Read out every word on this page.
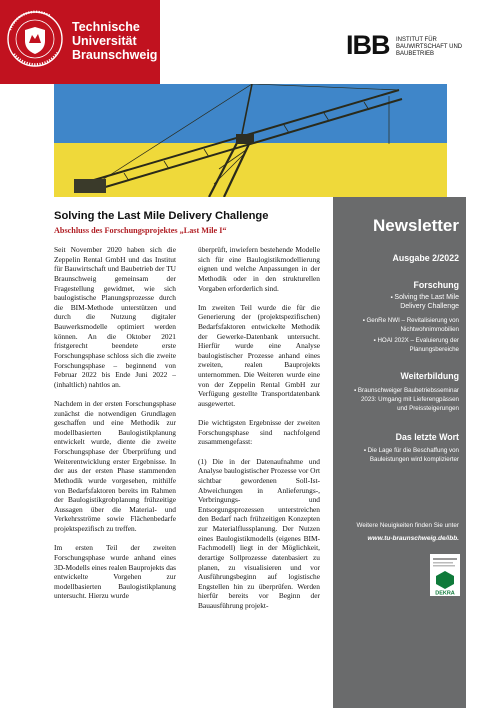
Technische
Universität
Braunschweig	IBB INSTITUT FÜR
BAUWIRTSCHAFT UND
BAUBETRIEB
Solving the Last Mile Delivery Challenge
Abschluss des Forschungsprojektes „Last Mile I“

Seit November 2020 haben sich die Zeppelin Rental GmbH und das Institut für Bauwirtschaft und Baubetrieb der TU Braunschweig gemeinsam der Fragestellung gewidmet, wie sich baulogistische Planungsprozesse durch die BIM-Methode unterstützen und durch die Nutzung digitaler Bauwerksmodelle optimiert werden können. An die Oktober 2021 fristgerecht beendete erste Forschungsphase schloss sich die zweite Forschungsphase – beginnend von Februar 2022 bis Ende Juni 2022 – (inhaltlich) nahtlos an.

Nachdem in der ersten Forschungsphase zunächst die notwendigen Grundlagen geschaffen und eine Methodik zur modellbasierten Baulogistikplanung entwickelt wurde, diente die zweite Forschungsphase der Überprüfung und Weiterentwicklung erster Ergebnisse. In der aus der ersten Phase stammenden Methodik wurde vorgesehen, mithilfe von Bedarfsfaktoren bereits im Rahmen der Baulogistikgrobplanung frühzeitige Aussagen über die Material- und Verkehrsströme sowie Flächenbedarfe projektspezifisch zu treffen.

Im ersten Teil der zweiten Forschungsphase wurde anhand eines 3D-Modells eines realen Bauprojekts das entwickelte Vorgehen zur modellbasierten Baulogistikplanung untersucht. Hierzu wurde

überprüft, inwiefern bestehende Modelle sich für eine Baulogistikmodellierung eignen und welche Anpassungen in der Methodik oder in den strukturellen Vorgaben erforderlich sind.

Im zweiten Teil wurde die für die Generierung der (projektspezifischen) Bedarfsfaktoren entwickelte Methodik der Gewerke-Datenbank untersucht. Hierfür wurde eine Analyse baulogistischer Prozesse anhand eines zweiten, realen Bauprojekts unternommen. Die Weiteren wurde eine von der Zeppelin Rental GmbH zur Verfügung gestellte Transportdatenbank ausgewertet.

Die wichtigsten Ergebnisse der zweiten Forschungsphase sind nachfolgend zusammengefasst:

(1) Die in der Datenaufnahme und Analyse baulogistischer Prozesse vor Ort sichtbar gewordenen Soll-Ist-Abweichungen in Anlieferungs-, Verbringungs- und Entsorgungsprozessen unterstreichen den Bedarf nach frühzeitigen Konzepten zur Materialflussplanung. Der Nutzen eines Baulogistikmodells (eigenes BIM-Fachmodell) liegt in der Möglichkeit, derartige Sollprozesse datenbasiert zu planen, zu visualisieren und vor Ausführungsbeginn auf logistische Engstellen hin zu überprüfen. Werden hierfür bereits vor Beginn der Bauausführung projekt-

Newsletter
Ausgabe 2/2022
Forschung
▪ Solving the Last Mile
Delivery Challenge
▪ GenRe NWI – Revitalisierung von
Nichtwohnimmobilien
▪ HOAI 202X – Evaluierung der
Planungsbereiche
Weiterbildung
▪ Braunschweiger Baubetriebsseminar
2023: Umgang mit Lieferengpässen
und Preissteigerungen
Das letzte Wort
▪ Die Lage für die Beschaffung von
Bauleistungen wird komplizierter
Weitere Neuigkeiten finden Sie unter
www.tu-braunschweig.de/ibb.
DEKRA
